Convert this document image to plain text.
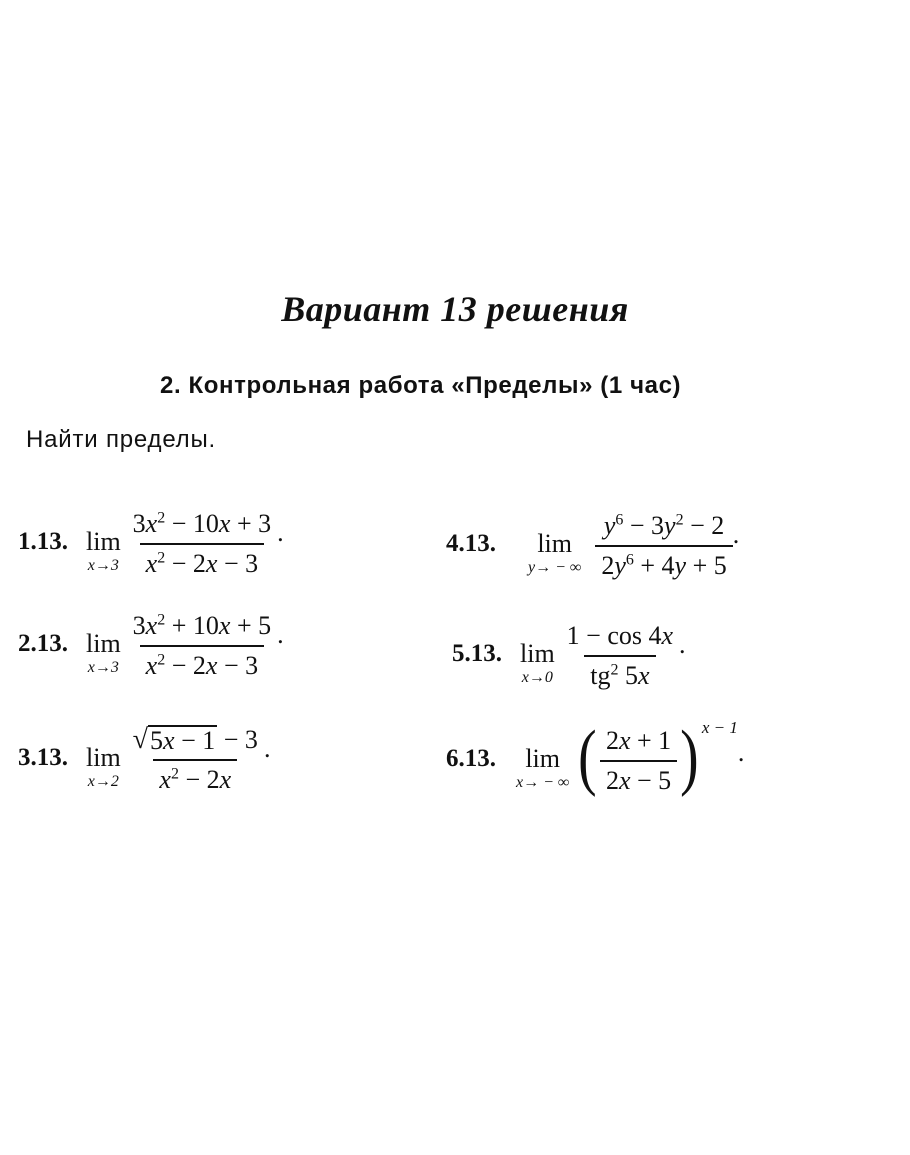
Вариант 13 решения
2. Контрольная работа «Пределы» (1 час)
Найти пределы.
1.13. lim
$x\to 3 \frac{3x^2 - 10x + 3}{x^2 - 2x - 3}$ .
2.13. lim
$x\to 3 \frac{3x^2 + 10x + 5}{x^2 - 2x - 3}$ .
3.13. lim
$x\to 2 \frac{√ 5x - 1 - 3}{x^2 - 2x}$ .
4.13. lim
y→ − ∞ $\frac{y^6 - 3y^2 - 2}{2y^6 + 4y + 5}$ .
5.13. lim
$x\to 0 \frac{1 - \cos 4x}{tg^2 5x}$ .
6.13. lim
x→ − ∞ ( $\frac{2x + 1}{2x - 5}$ ) x − 1
.
